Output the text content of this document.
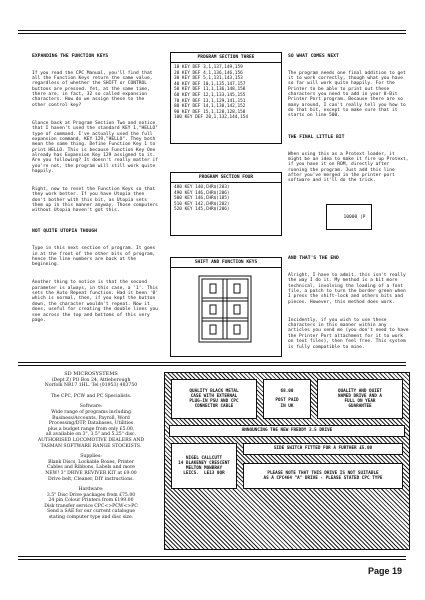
EXPANDING THE FUNCTION KEYS

If you read the CPC Manual, you'll find that all the Function Keys return the same value, regardless of whether the SHIFT or CONTROL buttons are pressed. Yet, at the same time, there are, in fact, 32 so called expansion characters. How do we assign these to the other control key?

Glance back at Program Section Two and notice that I haven't used the standard KEY 1,"HELLO" type of command. I've actually used the full expansion command, KEY 129,"HELLO". They both mean the same thing. Define Function Key 1 to print HELLO. This is because Function Key One already has Expansion Key 129 assigned to it. Are you following? It doesn't really matter if you're not, the program will still work quite happily.

Right, now to reset the Function Keys so that they work better. If you have Utopia then don't bother with this bit, as Utopia sets them up in this manner anyway. Those computers without Utopia haven't got this.

NOT QUITE UTOPIA THOUGH

Type in this next section of program. It goes in at the front of the other bits of program, hence the line numbers are back at the beginning.

Another thing to notice is that the second parameter is always, in this case, a '1'. This sets the Auto Repeat function. Had it been '0' which is normal, then, if you kept the button down, the character wouldn't repeat. Now it does, useful for creating the double lines you see across the top and bottoms of this very page.

PROGRAM SECTION THREE
10 KEY DEF 3,1,137,149,159
20 KEY DEF 4,1,136,146,156
30 KEY DEF 5,1,131,143,153
40 KEY DEF 10,1,135,147,157
50 KEY DEF 11,1,136,148,158
60 KEY DEF 12,1,133,145,155
70 KEY DEF 13,1,129,141,151
80 KEY DEF 14,1,130,142,152
90 KEY DEF 15,1,128,128,158
100 KEY DEF 20,1,132,144,154
PROGRAM SECTION FOUR
480 KEY 140,CHR$(203)
490 KEY 146,CHR$(206)
500 KEY 146,CHR$(185)
510 KEY 142,CHR$(202)
520 KEY 145,CHR$(206)
SHIFT AND FUNCTION KEYS

SO WHAT COMES NEXT

The program needs one final addition to get it to work correctly, though what you have so far will work quite happily. For the Printer to be able to print out these characters you need to add in your 8-Bit Printer Port program. Because there are so many around, I can't really tell you how to do that bit, except to make sure that it starts on line 500.

THE FINAL LITTLE BIT

When using this as a Protext loader, it might be an idea to make it fire up Protext, if you have it on ROM, directly after running the program. Just add this line after you've merged in the printer port software and it'll do the trick.

10000 |P

AND THAT'S THE END

Alright, I have to admit, this isn't really the way I do it. My method is a bit more technical, involving the loading of a font file, a patch to turn the border green when I press the shift-lock and others bits and pieces. However, this method does work.

Incidently, if you wish to use these characters in this manner within any articles you send me (you don't need to have the Printer Port attachment for it to work on text files), then feel free. This system is fully compatible to mine.

SD MICROSYSTEMS
(Dept Z) PO Box 24, Attleborough
Norfolk NR17 1HL. Tel (01953) 483750
The CPC, PCW and PC Specialists.
Software:
Wide range of programs including
Business/Accounts, Payroll, Word
Processing/DTP, Databases, Utilities
plus a budget range from only £5.00,
all available on 3", 3.5" and 5.25" disc.
AUTHORISED LOCOMOTIVE DEALERS AND
TASMAN SOFTWARE RANGE STOCKISTS.
Supplies:
Blank Discs, Lockable Boxes, Printer
Cables and Ribbons, Labels and more
NEW! 3" DRIVE REVIVER KIT at £9.00
Drive belt, Cleaner, DIY instructions.
Hardware:
3.5" Disc Drive packages from £75.00
24 pin Colour Printers from £199.00
Disk transfer service CPC<>PCW<>PC
Send a SAE for our current catalogue
stating computer type and disc size.
QUALITY BLACK METAL
CASE WITH EXTERNAL
PLUG-IN PSU AND CPC
CONNECTOR CABLE
68.00
POST PAID
IN UK
QUALITY AND QUIET
NAMED DRIVE AND A
FULL ON YEAR
GUARANTEE
ANNOUNCING THE NEW FREDDY 3.5 DRIVE
NIGEL CALLCUTT
14 BLAKENEY CRESCENT
MELTON MOWBRAY
LEICS.  LE13 0QR
SIDE SWITCH FITTED FOR A FURTHER £5.00
PLEASE NOTE THAT THIS DRIVE IS NOT SUITABLE
AS A CPC464 "A" DRIVE - PLEASE STATED CPC TYPE
Page 19
